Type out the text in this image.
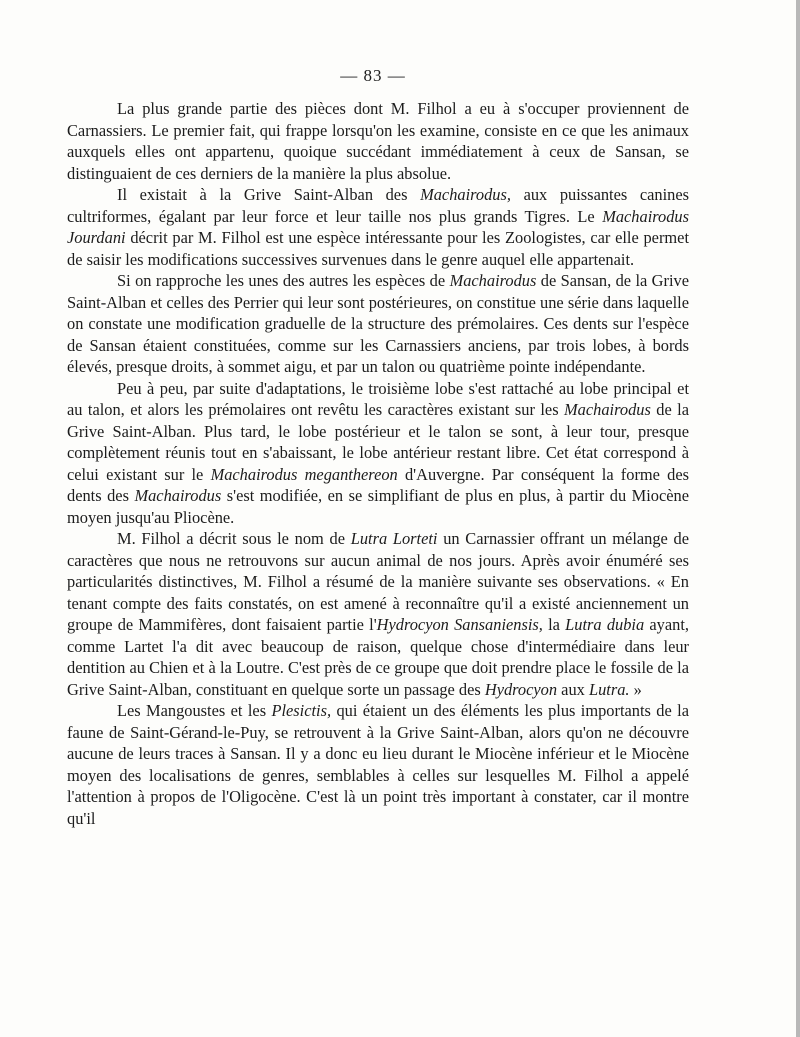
— 83 —

La plus grande partie des pièces dont M. Filhol a eu à s'occuper proviennent de Carnassiers. Le premier fait, qui frappe lorsqu'on les examine, consiste en ce que les animaux auxquels elles ont appartenu, quoique succédant immédiatement à ceux de Sansan, se distinguaient de ces derniers de la manière la plus absolue.

Il existait à la Grive Saint-Alban des Machairodus, aux puissantes canines cultriformes, égalant par leur force et leur taille nos plus grands Tigres. Le Machairodus Jourdani décrit par M. Filhol est une espèce intéressante pour les Zoologistes, car elle permet de saisir les modifications successives survenues dans le genre auquel elle appartenait.

Si on rapproche les unes des autres les espèces de Machairodus de Sansan, de la Grive Saint-Alban et celles des Perrier qui leur sont postérieures, on constitue une série dans laquelle on constate une modification graduelle de la structure des prémolaires. Ces dents sur l'espèce de Sansan étaient constituées, comme sur les Carnassiers anciens, par trois lobes, à bords élevés, presque droits, à sommet aigu, et par un talon ou quatrième pointe indépendante.

Peu à peu, par suite d'adaptations, le troisième lobe s'est rattaché au lobe principal et au talon, et alors les prémolaires ont revêtu les caractères existant sur les Machairodus de la Grive Saint-Alban. Plus tard, le lobe postérieur et le talon se sont, à leur tour, presque complètement réunis tout en s'abaissant, le lobe antérieur restant libre. Cet état correspond à celui existant sur le Machairodus meganthereon d'Auvergne. Par conséquent la forme des dents des Machairodus s'est modifiée, en se simplifiant de plus en plus, à partir du Miocène moyen jusqu'au Pliocène.

M. Filhol a décrit sous le nom de Lutra Lorteti un Carnassier offrant un mélange de caractères que nous ne retrouvons sur aucun animal de nos jours. Après avoir énuméré ses particularités distinctives, M. Filhol a résumé de la manière suivante ses observations. « En tenant compte des faits constatés, on est amené à reconnaître qu'il a existé anciennement un groupe de Mammifères, dont faisaient partie l'Hydrocyon Sansaniensis, la Lutra dubia ayant, comme Lartet l'a dit avec beaucoup de raison, quelque chose d'intermédiaire dans leur dentition au Chien et à la Loutre. C'est près de ce groupe que doit prendre place le fossile de la Grive Saint-Alban, constituant en quelque sorte un passage des Hydrocyon aux Lutra. »

Les Mangoustes et les Plesictis, qui étaient un des éléments les plus importants de la faune de Saint-Gérand-le-Puy, se retrouvent à la Grive Saint-Alban, alors qu'on ne découvre aucune de leurs traces à Sansan. Il y a donc eu lieu durant le Miocène inférieur et le Miocène moyen des localisations de genres, semblables à celles sur lesquelles M. Filhol a appelé l'attention à propos de l'Oligocène. C'est là un point très important à constater, car il montre qu'il
